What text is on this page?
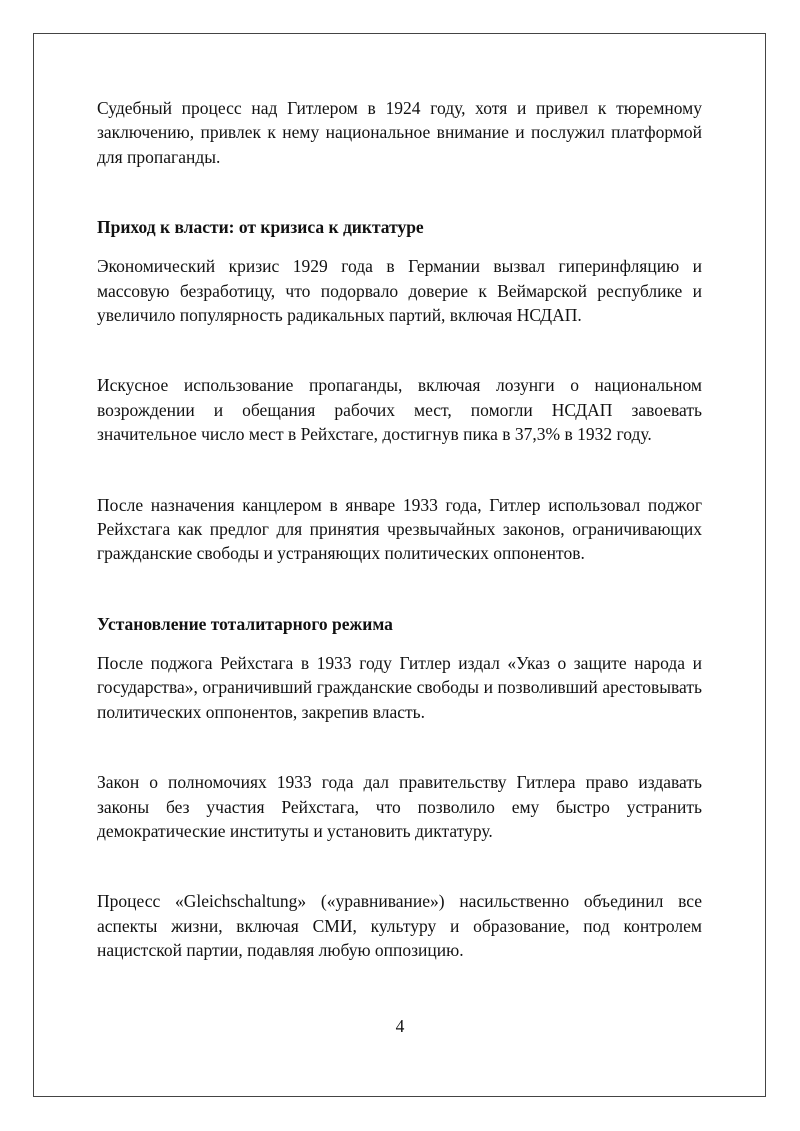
Судебный процесс над Гитлером в 1924 году, хотя и привел к тюремному заключению, привлек к нему национальное внимание и послужил платформой для пропаганды.

Приход к власти: от кризиса к диктатуре

Экономический кризис 1929 года в Германии вызвал гиперинфляцию и массовую безработицу, что подорвало доверие к Веймарской республике и увеличило популярность радикальных партий, включая НСДАП.

Искусное использование пропаганды, включая лозунги о национальном возрождении и обещания рабочих мест, помогли НСДАП завоевать значительное число мест в Рейхстаге, достигнув пика в 37,3% в 1932 году.

После назначения канцлером в январе 1933 года, Гитлер использовал поджог Рейхстага как предлог для принятия чрезвычайных законов, ограничивающих гражданские свободы и устраняющих политических оппонентов.

Установление тоталитарного режима

После поджога Рейхстага в 1933 году Гитлер издал «Указ о защите народа и государства», ограничивший гражданские свободы и позволивший арестовывать политических оппонентов, закрепив власть.

Закон о полномочиях 1933 года дал правительству Гитлера право издавать законы без участия Рейхстага, что позволило ему быстро устранить демократические институты и установить диктатуру.

Процесс «Gleichschaltung» («уравнивание») насильственно объединил все аспекты жизни, включая СМИ, культуру и образование, под контролем нацистской партии, подавляя любую оппозицию.

4
